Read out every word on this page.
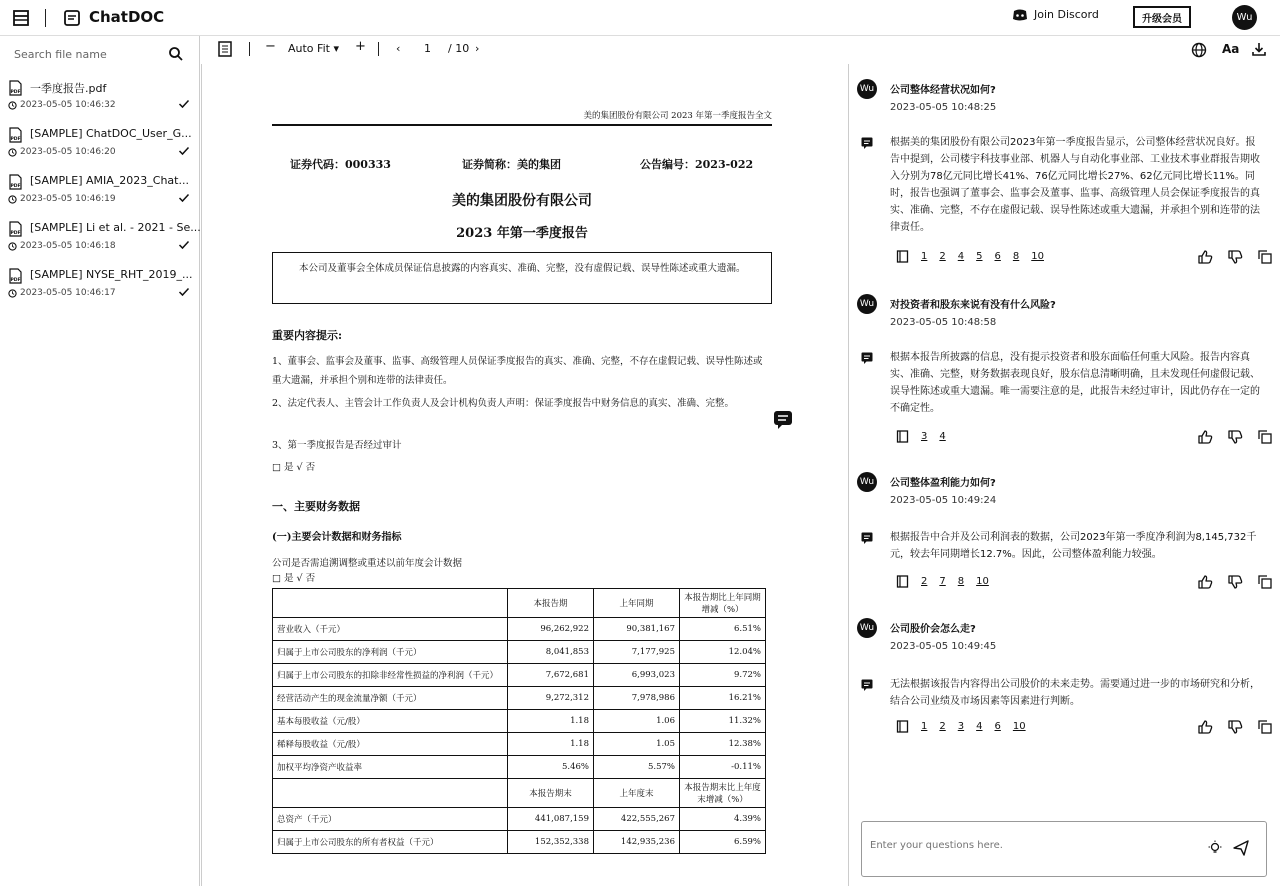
ChatDOC	Join Discord	升级会员	Wu
Search file name
PDF 一季度报告.pdf
2023-05-05 10:46:32
PDF [SAMPLE] ChatDOC_User_G...
2023-05-05 10:46:20
PDF [SAMPLE] AMIA_2023_Chat...
2023-05-05 10:46:19
PDF [SAMPLE] Li et al. - 2021 - Se...
2023-05-05 10:46:18
PDF [SAMPLE] NYSE_RHT_2019_...
2023-05-05 10:46:17
− Auto Fit ▾ +	‹ 1 / 10 ›
美的集团股份有限公司 2023 年第一季度报告全文
证券代码：000333	证券简称：美的集团	公告编号：2023-022
美的集团股份有限公司
2023 年第一季度报告
本公司及董事会全体成员保证信息披露的内容真实、准确、完整，没有虚假记载、误导性陈述或重大遗漏。
重要内容提示:
1、董事会、监事会及董事、监事、高级管理人员保证季度报告的真实、准确、完整，不存在虚假记载、误导性陈述或重大遗漏，并承担个别和连带的法律责任。
2、法定代表人、主管会计工作负责人及会计机构负责人声明：保证季度报告中财务信息的真实、准确、完整。
3、第一季度报告是否经过审计
□ 是 √ 否
一、主要财务数据
(一)主要会计数据和财务指标
公司是否需追溯调整或重述以前年度会计数据
□ 是 √ 否
	本报告期	上年同期	本报告期比上年同期增减（%）
营业收入（千元）	96,262,922	90,381,167	6.51%
归属于上市公司股东的净利润（千元）	8,041,853	7,177,925	12.04%
归属于上市公司股东的扣除非经常性损益的净利润（千元）	7,672,681	6,993,023	9.72%
经营活动产生的现金流量净额（千元）	9,272,312	7,978,986	16.21%
基本每股收益（元/股）	1.18	1.06	11.32%
稀释每股收益（元/股）	1.18	1.05	12.38%
加权平均净资产收益率	5.46%	5.57%	-0.11%
	本报告期末	上年度末	本报告期末比上年度末增减（%）
总资产（千元）	441,087,159	422,555,267	4.39%
归属于上市公司股东的所有者权益（千元）	152,352,338	142,935,236	6.59%
Aa
Wu 公司整体经营状况如何?
2023-05-05 10:48:25
根据美的集团股份有限公司2023年第一季度报告显示，公司整体经营状况良好。报告中提到，公司楼宇科技事业部、机器人与自动化事业部、工业技术事业群报告期收入分别为78亿元同比增长41%、76亿元同比增长27%、62亿元同比增长11%。同时，报告也强调了董事会、监事会及董事、监事、高级管理人员会保证季度报告的真实、准确、完整，不存在虚假记载、误导性陈述或重大遗漏，并承担个别和连带的法律责任。
1 2 4 5 6 8 10
Wu 对投资者和股东来说有没有什么风险?
2023-05-05 10:48:58
根据本报告所披露的信息，没有提示投资者和股东面临任何重大风险。报告内容真实、准确、完整，财务数据表现良好，股东信息清晰明确，且未发现任何虚假记载、误导性陈述或重大遗漏。唯一需要注意的是，此报告未经过审计，因此仍存在一定的不确定性。
3 4
Wu 公司整体盈利能力如何?
2023-05-05 10:49:24
根据报告中合并及公司利润表的数据，公司2023年第一季度净利润为8,145,732千元，较去年同期增长12.7%。因此，公司整体盈利能力较强。
2 7 8 10
Wu 公司股价会怎么走?
2023-05-05 10:49:45
无法根据该报告内容得出公司股价的未来走势。需要通过进一步的市场研究和分析，结合公司业绩及市场因素等因素进行判断。
1 2 3 4 6 10
Enter your questions here.
